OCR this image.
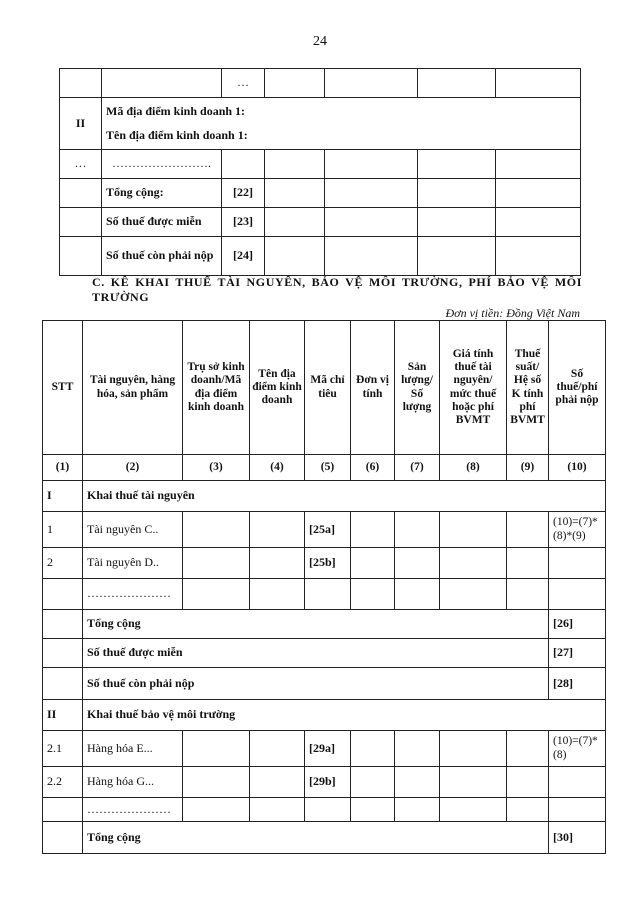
24
		…				
II	Mã địa điểm kinh doanh 1:
Tên địa điểm kinh doanh 1:					

…	…………………….					
	Tổng cộng:	[22]				
	Số thuế được miễn	[23]				
	Số thuế còn phải nộp	[24]				
C. KÊ KHAI THUẾ TÀI NGUYÊN, BẢO VỆ MÔI TRƯỜNG, PHÍ BẢO VỆ MÔI TRƯỜNG
Đơn vị tiền: Đồng Việt Nam
STT	Tài nguyên, hàng hóa, sản phẩm	Trụ sở kinh doanh/Mã địa điểm kinh doanh	Tên địa điểm kinh doanh	Mã chỉ tiêu	Đơn vị tính	Sản lượng/ Số lượng	Giá tính thuế tài nguyên/ mức thuế hoặc phí BVMT	Thuế suất/ Hệ số K tính phí BVMT	Số thuế/phí phải nộp
(1)	(2)	(3)	(4)	(5)	(6)	(7)	(8)	(9)	(10)
I	Khai thuế tài nguyên								
1	Tài nguyên C..			[25a]					(10)=(7)*(8)*(9)
2	Tài nguyên D..			[25b]					
	…………………								
	Tổng cộng								[26]
	Số thuế được miễn								[27]
	Số thuế còn phải nộp								[28]
II	Khai thuế bảo vệ môi trường								
2.1	Hàng hóa E...			[29a]					(10)=(7)*(8)
2.2	Hàng hóa G...			[29b]					
	…………………								
	Tổng cộng								[30]
